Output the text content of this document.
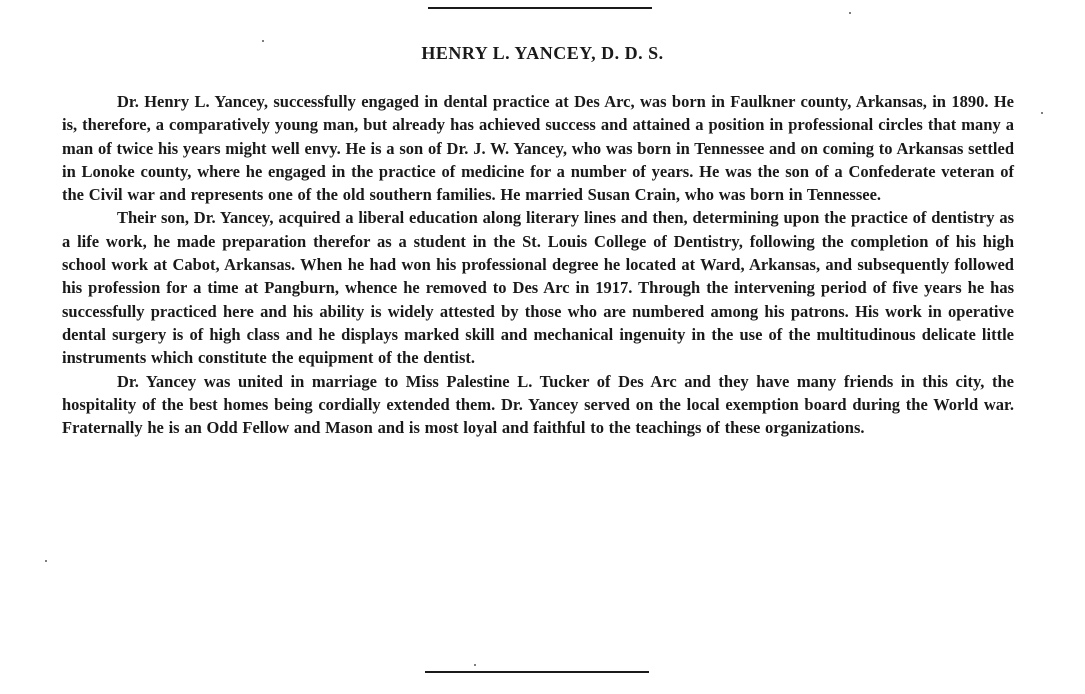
HENRY L. YANCEY, D. D. S.

Dr. Henry L. Yancey, successfully engaged in dental practice at Des Arc, was born in Faulkner county, Arkansas, in 1890. He is, therefore, a comparatively young man, but already has achieved success and attained a position in professional circles that many a man of twice his years might well envy. He is a son of Dr. J. W. Yancey, who was born in Tennessee and on coming to Arkansas settled in Lonoke county, where he engaged in the practice of medicine for a number of years. He was the son of a Confederate veteran of the Civil war and represents one of the old southern families. He married Susan Crain, who was born in Tennessee.

Their son, Dr. Yancey, acquired a liberal education along literary lines and then, determining upon the practice of dentistry as a life work, he made preparation therefor as a student in the St. Louis College of Dentistry, following the completion of his high school work at Cabot, Arkansas. When he had won his professional degree he located at Ward, Arkansas, and subsequently followed his profession for a time at Pangburn, whence he removed to Des Arc in 1917. Through the intervening period of five years he has successfully practiced here and his ability is widely attested by those who are numbered among his patrons. His work in operative dental surgery is of high class and he displays marked skill and mechanical ingenuity in the use of the multitudinous delicate little instruments which constitute the equipment of the dentist.

Dr. Yancey was united in marriage to Miss Palestine L. Tucker of Des Arc and they have many friends in this city, the hospitality of the best homes being cordially extended them. Dr. Yancey served on the local exemption board during the World war. Fraternally he is an Odd Fellow and Mason and is most loyal and faithful to the teachings of these organizations.
